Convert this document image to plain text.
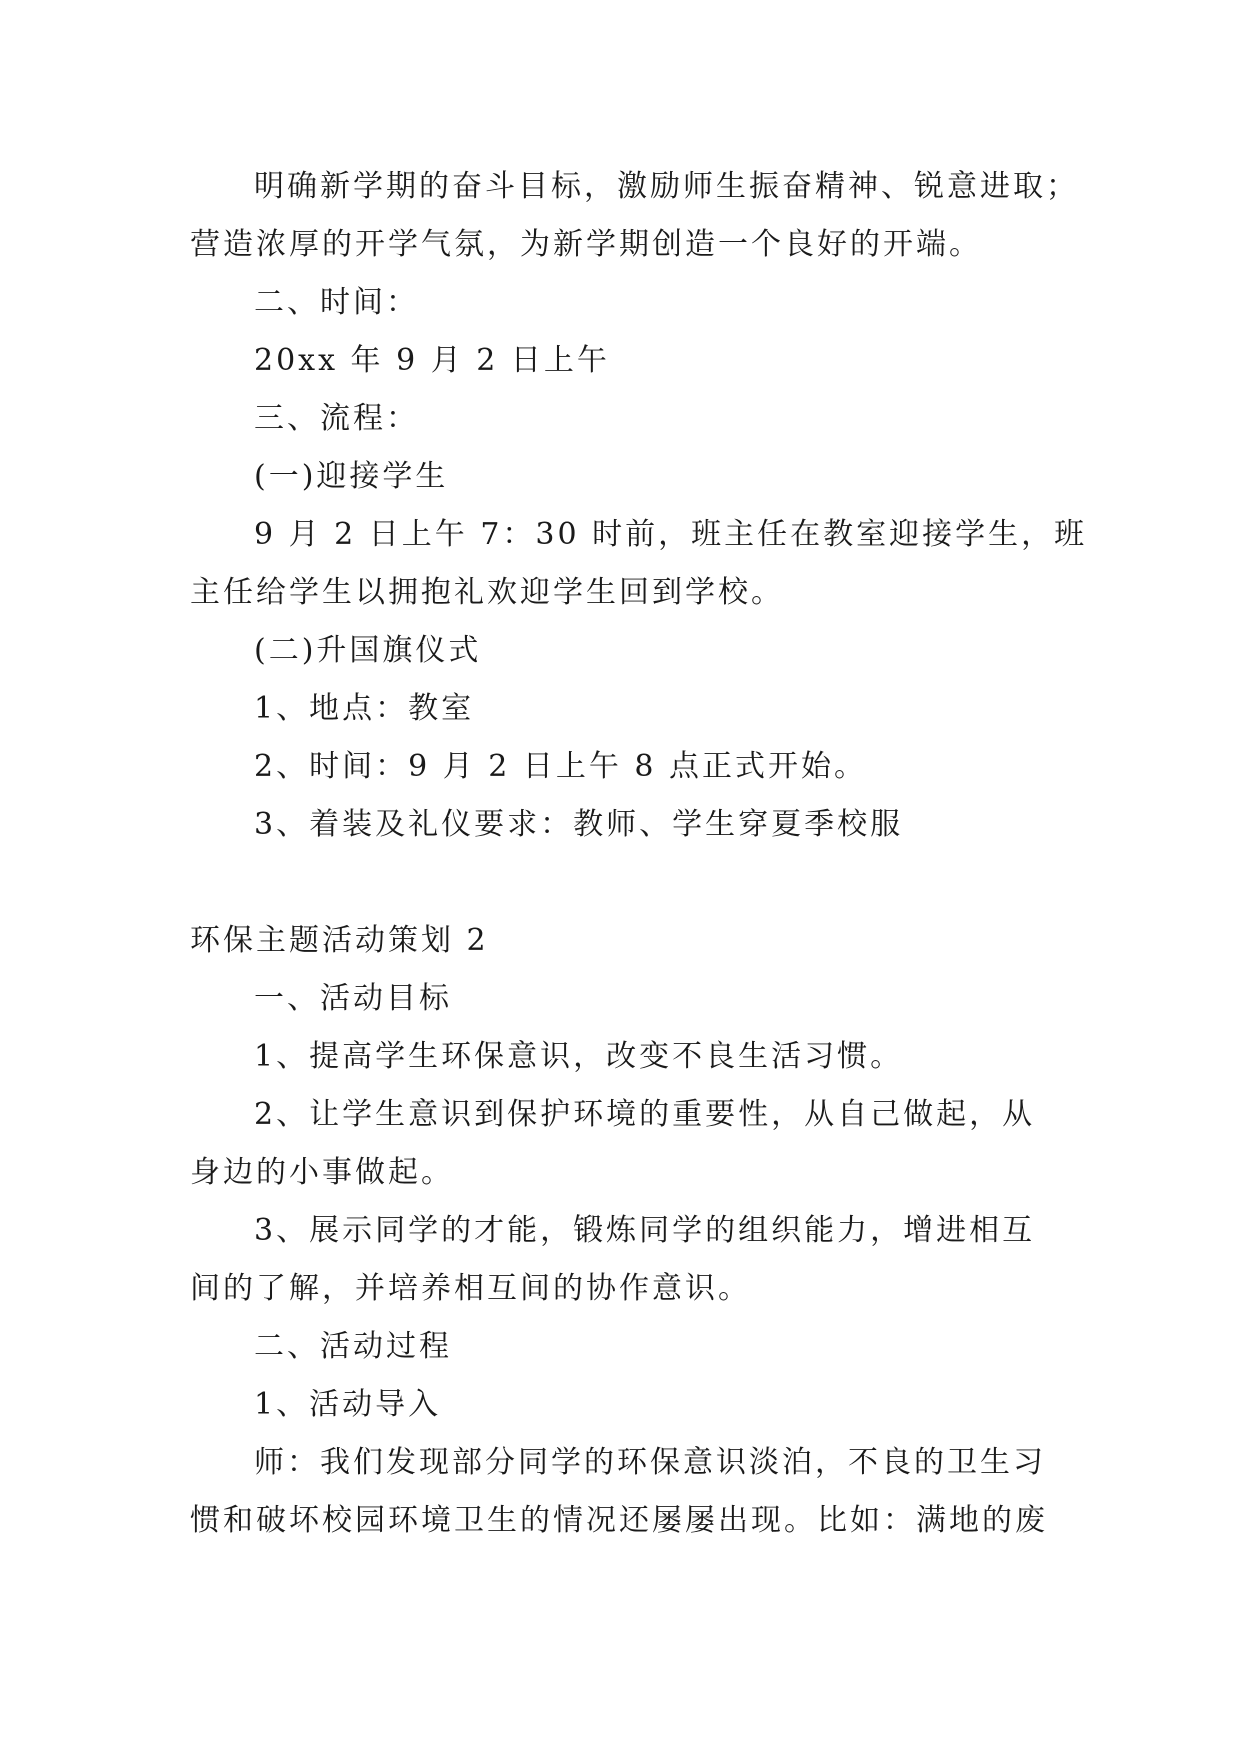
明确新学期的奋斗目标，激励师生振奋精神、锐意进取；

营造浓厚的开学气氛，为新学期创造一个良好的开端。

二、时间：

20xx 年 9 月 2 日上午

三、流程：

(一)迎接学生

9 月 2 日上午 7：30 时前，班主任在教室迎接学生，班

主任给学生以拥抱礼欢迎学生回到学校。

(二)升国旗仪式

1、地点：教室

2、时间：9 月 2 日上午 8 点正式开始。

3、着装及礼仪要求：教师、学生穿夏季校服

环保主题活动策划 2

一、活动目标

1、提高学生环保意识，改变不良生活习惯。

2、让学生意识到保护环境的重要性，从自己做起，从

身边的小事做起。

3、展示同学的才能，锻炼同学的组织能力，增进相互

间的了解，并培养相互间的协作意识。

二、活动过程

1、活动导入

师：我们发现部分同学的环保意识淡泊，不良的卫生习

惯和破坏校园环境卫生的情况还屡屡出现。比如：满地的废
